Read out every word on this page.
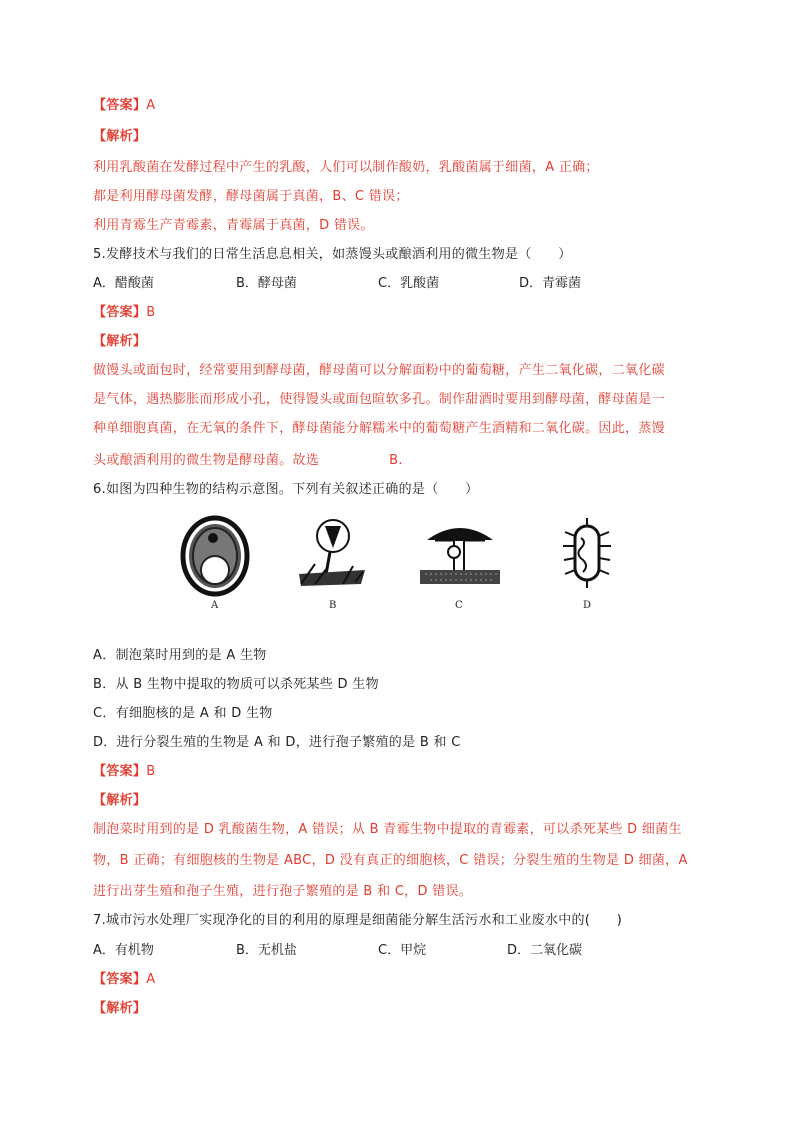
【答案】A
【解析】
利用乳酸菌在发酵过程中产生的乳酸，人们可以制作酸奶，乳酸菌属于细菌，A 正确；
都是利用酵母菌发酵，酵母菌属于真菌，B、C 错误；
利用青霉生产青霉素，青霉属于真菌，D 错误。
5.发酵技术与我们的日常生活息息相关，如蒸馒头或酿酒利用的微生物是（　　）
A．醋酸菌	B．酵母菌	C．乳酸菌	D．青霉菌
【答案】B
【解析】
做馒头或面包时，经常要用到酵母菌，酵母菌可以分解面粉中的葡萄糖，产生二氧化碳，二氧化碳
是气体，遇热膨胀而形成小孔，使得馒头或面包暄软多孔。制作甜酒时要用到酵母菌，酵母菌是一
种单细胞真菌，在无氧的条件下，酵母菌能分解糯米中的葡萄糖产生酒精和二氧化碳。因此，蒸馒
头或酿酒利用的微生物是酵母菌。故选	B.
6.如图为四种生物的结构示意图。下列有关叙述正确的是（　　）
A	B	C	D
A．制泡菜时用到的是 A 生物
B．从 B 生物中提取的物质可以杀死某些 D 生物
C．有细胞核的是 A 和 D 生物
D．进行分裂生殖的生物是 A 和 D，进行孢子繁殖的是 B 和 C
【答案】B
【解析】
制泡菜时用到的是 D 乳酸菌生物，A 错误；从 B 青霉生物中提取的青霉素，可以杀死某些 D 细菌生
物，B 正确；有细胞核的生物是 ABC，D 没有真正的细胞核，C 错误；分裂生殖的生物是 D 细菌，A
进行出芽生殖和孢子生殖，进行孢子繁殖的是 B 和 C，D 错误。
7.城市污水处理厂实现净化的目的利用的原理是细菌能分解生活污水和工业废水中的(　　)
A．有机物	B．无机盐	C．甲烷	D．二氧化碳
【答案】A
【解析】
